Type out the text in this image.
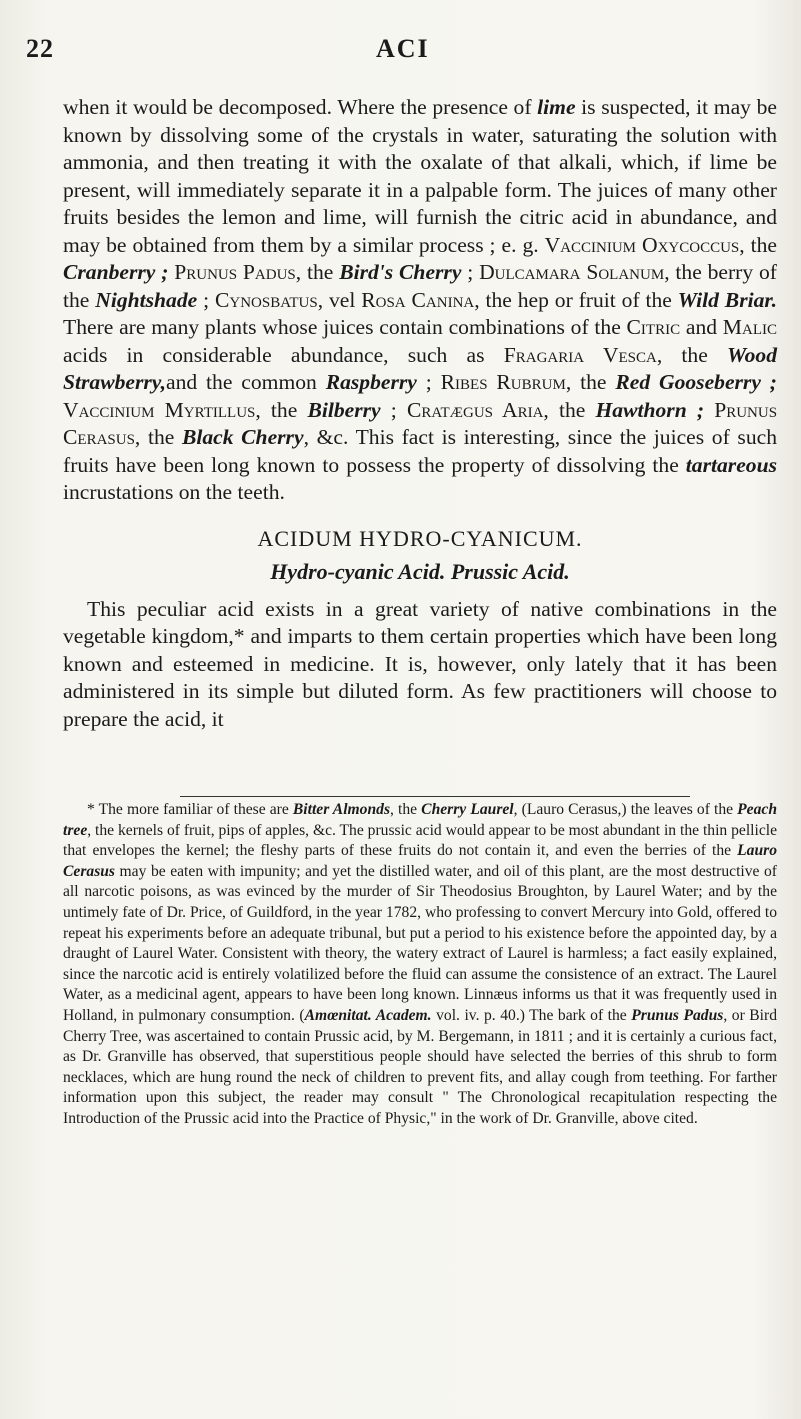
22	ACI

when it would be decomposed. Where the presence of lime is suspected, it may be known by dissolving some of the crystals in water, saturating the solution with ammonia, and then treating it with the oxalate of that alkali, which, if lime be present, will immediately separate it in a palpable form. The juices of many other fruits besides the lemon and lime, will furnish the citric acid in abundance, and may be obtained from them by a similar process ; e. g. Vaccinium Oxycoccus, the Cranberry ; Prunus Padus, the Bird's Cherry ; Dulcamara Solanum, the berry of the Nightshade ; Cynosbatus, vel Rosa Canina, the hep or fruit of the Wild Briar. There are many plants whose juices contain combinations of the Citric and Malic acids in considerable abundance, such as Fragaria Vesca, the Wood Strawberry,and the common Raspberry ; Ribes Rubrum, the Red Gooseberry ; Vaccinium Myrtillus, the Bilberry ; Cratægus Aria, the Hawthorn ; Prunus Cerasus, the Black Cherry, &c. This fact is interesting, since the juices of such fruits have been long known to possess the property of dissolving the tartareous incrustations on the teeth.

ACIDUM HYDRO-CYANICUM.
Hydro-cyanic Acid. Prussic Acid.

This peculiar acid exists in a great variety of native combinations in the vegetable kingdom,* and imparts to them certain properties which have been long known and esteemed in medicine. It is, however, only lately that it has been administered in its simple but diluted form. As few practitioners will choose to prepare the acid, it

* The more familiar of these are Bitter Almonds, the Cherry Laurel, (Lauro Cerasus,) the leaves of the Peach tree, the kernels of fruit, pips of apples, &c. The prussic acid would appear to be most abundant in the thin pellicle that envelopes the kernel; the fleshy parts of these fruits do not contain it, and even the berries of the Lauro Cerasus may be eaten with impunity; and yet the distilled water, and oil of this plant, are the most destructive of all narcotic poisons, as was evinced by the murder of Sir Theodosius Broughton, by Laurel Water; and by the untimely fate of Dr. Price, of Guildford, in the year 1782, who professing to convert Mercury into Gold, offered to repeat his experiments before an adequate tribunal, but put a period to his existence before the appointed day, by a draught of Laurel Water. Consistent with theory, the watery extract of Laurel is harmless; a fact easily explained, since the narcotic acid is entirely volatilized before the fluid can assume the consistence of an extract. The Laurel Water, as a medicinal agent, appears to have been long known. Linnæus informs us that it was frequently used in Holland, in pulmonary consumption. (Amœnitat. Academ. vol. iv. p. 40.) The bark of the Prunus Padus, or Bird Cherry Tree, was ascertained to contain Prussic acid, by M. Bergemann, in 1811 ; and it is certainly a curious fact, as Dr. Granville has observed, that superstitious people should have selected the berries of this shrub to form necklaces, which are hung round the neck of children to prevent fits, and allay cough from teething. For farther information upon this subject, the reader may consult " The Chronological recapitulation respecting the Introduction of the Prussic acid into the Practice of Physic," in the work of Dr. Granville, above cited.
